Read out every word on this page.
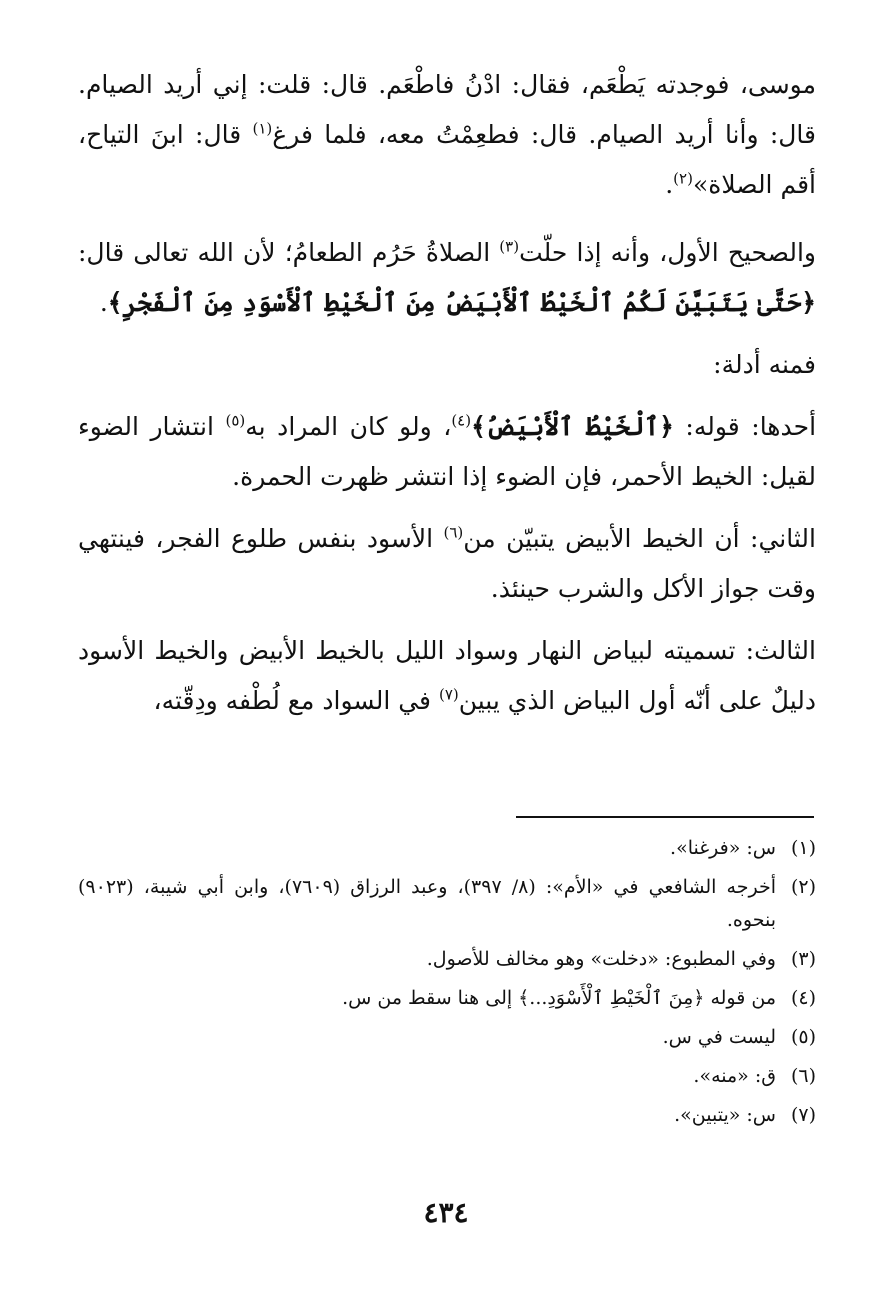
موسى، فوجدته يَطْعَم، فقال: ادْنُ فاطْعَم. قال: قلت: إني أريد الصيام. قال: وأنا أريد الصيام. قال: فطعِمْتُ معه، فلما فرغ$^{(١)}$ قال: ابنَ التياح، أقم الصلاة»$^{(٢)}$.

والصحيح الأول، وأنه إذا حلّت$^{(٣)}$ الصلاةُ حَرُم الطعامُ؛ لأن الله تعالى قال: ﴿حَتَّىٰ يَتَبَيَّنَ لَكُمُ ٱلْخَيْطُ ٱلْأَبْيَضُ مِنَ ٱلْخَيْطِ ٱلْأَسْوَدِ مِنَ ٱلْفَجْرِ﴾.

فمنه أدلة:

أحدها: قوله: ﴿ٱلْخَيْطُ ٱلْأَبْيَضُ﴾$^{(٤)}$، ولو كان المراد به$^{(٥)}$ انتشار الضوء لقيل: الخيط الأحمر، فإن الضوء إذا انتشر ظهرت الحمرة.

الثاني: أن الخيط الأبيض يتبيّن من$^{(٦)}$ الأسود بنفس طلوع الفجر، فينتهي وقت جواز الأكل والشرب حينئذ.

الثالث: تسميته لبياض النهار وسواد الليل بالخيط الأبيض والخيط الأسود دليلٌ على أنّه أول البياض الذي يبين$^{(٧)}$ في السواد مع لُطْفه ودِقّته،

(١)
س: «فرغنا».
(٢)
أخرجه الشافعي في «الأم»: (٨/ ٣٩٧)، وعبد الرزاق (٧٦٠٩)، وابن أبي شيبة، (٩٠٢٣) بنحوه.
(٣)
وفي المطبوع: «دخلت» وهو مخالف للأصول.
(٤)
من قوله ﴿مِنَ ٱلْخَيْطِ ٱلْأَسْوَدِ...﴾ إلى هنا سقط من س.
(٥)
ليست في س.
(٦)
ق: «منه».
(٧)
س: «يتبين».
٤٣٤
